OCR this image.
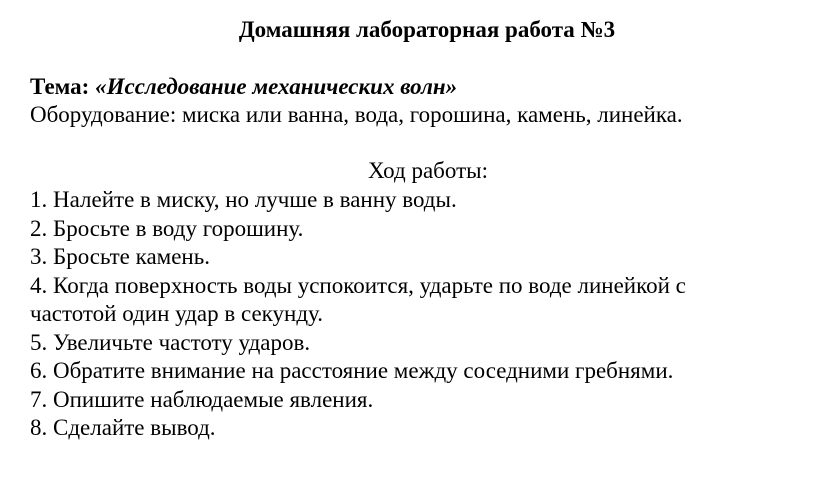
Домашняя лабораторная работа №3
Тема: «Исследование механических волн»
Оборудование: миска или ванна, вода, горошина, камень, линейка.
Ход работы:
1. Налейте в миску, но лучше в ванну воды.
2. Бросьте в воду горошину.
3. Бросьте камень.
4. Когда поверхность воды успокоится, ударьте по воде линейкой с частотой один удар в секунду.
5. Увеличьте частоту ударов.
6. Обратите внимание на расстояние между соседними гребнями.
7. Опишите наблюдаемые явления.
8. Сделайте вывод.
